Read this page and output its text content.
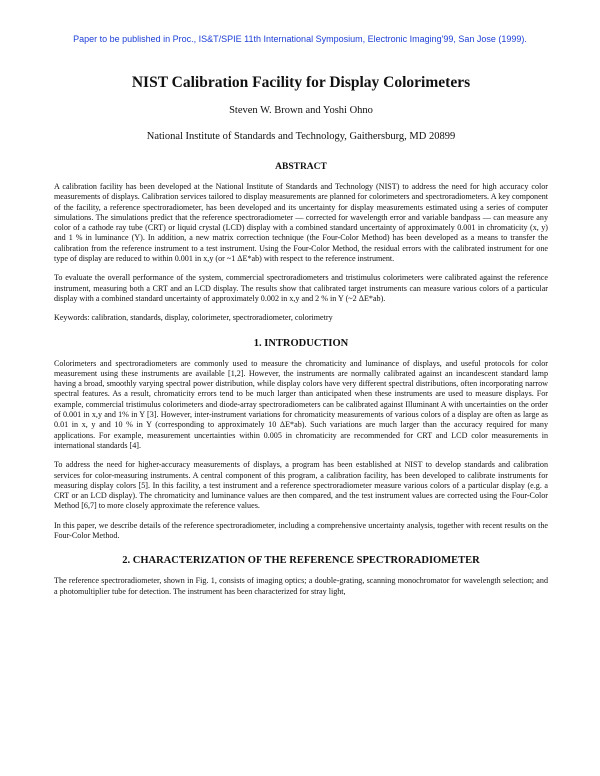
Paper to be published in Proc., IS&T/SPIE 11th International Symposium, Electronic Imaging'99, San Jose (1999).
NIST Calibration Facility for Display Colorimeters
Steven W. Brown and Yoshi Ohno
National Institute of Standards and Technology, Gaithersburg, MD 20899
ABSTRACT

A calibration facility has been developed at the National Institute of Standards and Technology (NIST) to address the need for high accuracy color measurements of displays. Calibration services tailored to display measurements are planned for colorimeters and spectroradiometers. A key component of the facility, a reference spectroradiometer, has been developed and its uncertainty for display measurements estimated using a series of computer simulations. The simulations predict that the reference spectroradiometer — corrected for wavelength error and variable bandpass — can measure any color of a cathode ray tube (CRT) or liquid crystal (LCD) display with a combined standard uncertainty of approximately 0.001 in chromaticity (x, y) and 1 % in luminance (Y). In addition, a new matrix correction technique (the Four-Color Method) has been developed as a means to transfer the calibration from the reference instrument to a test instrument. Using the Four-Color Method, the residual errors with the calibrated instrument for one type of display are reduced to within 0.001 in x,y (or ~1 ΔE*ab) with respect to the reference instrument.

To evaluate the overall performance of the system, commercial spectroradiometers and tristimulus colorimeters were calibrated against the reference instrument, measuring both a CRT and an LCD display. The results show that calibrated target instruments can measure various colors of a particular display with a combined standard uncertainty of approximately 0.002 in x,y and 2 % in Y (~2 ΔE*ab).

Keywords: calibration, standards, display, colorimeter, spectroradiometer, colorimetry

1. INTRODUCTION

Colorimeters and spectroradiometers are commonly used to measure the chromaticity and luminance of displays, and useful protocols for color measurement using these instruments are available [1,2]. However, the instruments are normally calibrated against an incandescent standard lamp having a broad, smoothly varying spectral power distribution, while display colors have very different spectral distributions, often incorporating narrow spectral features. As a result, chromaticity errors tend to be much larger than anticipated when these instruments are used to measure displays. For example, commercial tristimulus colorimeters and diode-array spectroradiometers can be calibrated against Illuminant A with uncertainties on the order of 0.001 in x,y and 1% in Y [3]. However, inter-instrument variations for chromaticity measurements of various colors of a display are often as large as 0.01 in x, y and 10 % in Y (corresponding to approximately 10 ΔE*ab). Such variations are much larger than the accuracy required for many applications. For example, measurement uncertainties within 0.005 in chromaticity are recommended for CRT and LCD color measurements in international standards [4].

To address the need for higher-accuracy measurements of displays, a program has been established at NIST to develop standards and calibration services for color-measuring instruments. A central component of this program, a calibration facility, has been developed to calibrate instruments for measuring display colors [5]. In this facility, a test instrument and a reference spectroradiometer measure various colors of a particular display (e.g. a CRT or an LCD display). The chromaticity and luminance values are then compared, and the test instrument values are corrected using the Four-Color Method [6,7] to more closely approximate the reference values.

In this paper, we describe details of the reference spectroradiometer, including a comprehensive uncertainty analysis, together with recent results on the Four-Color Method.

2. CHARACTERIZATION OF THE REFERENCE SPECTRORADIOMETER

The reference spectroradiometer, shown in Fig. 1, consists of imaging optics; a double-grating, scanning monochromator for wavelength selection; and a photomultiplier tube for detection. The instrument has been characterized for stray light,
